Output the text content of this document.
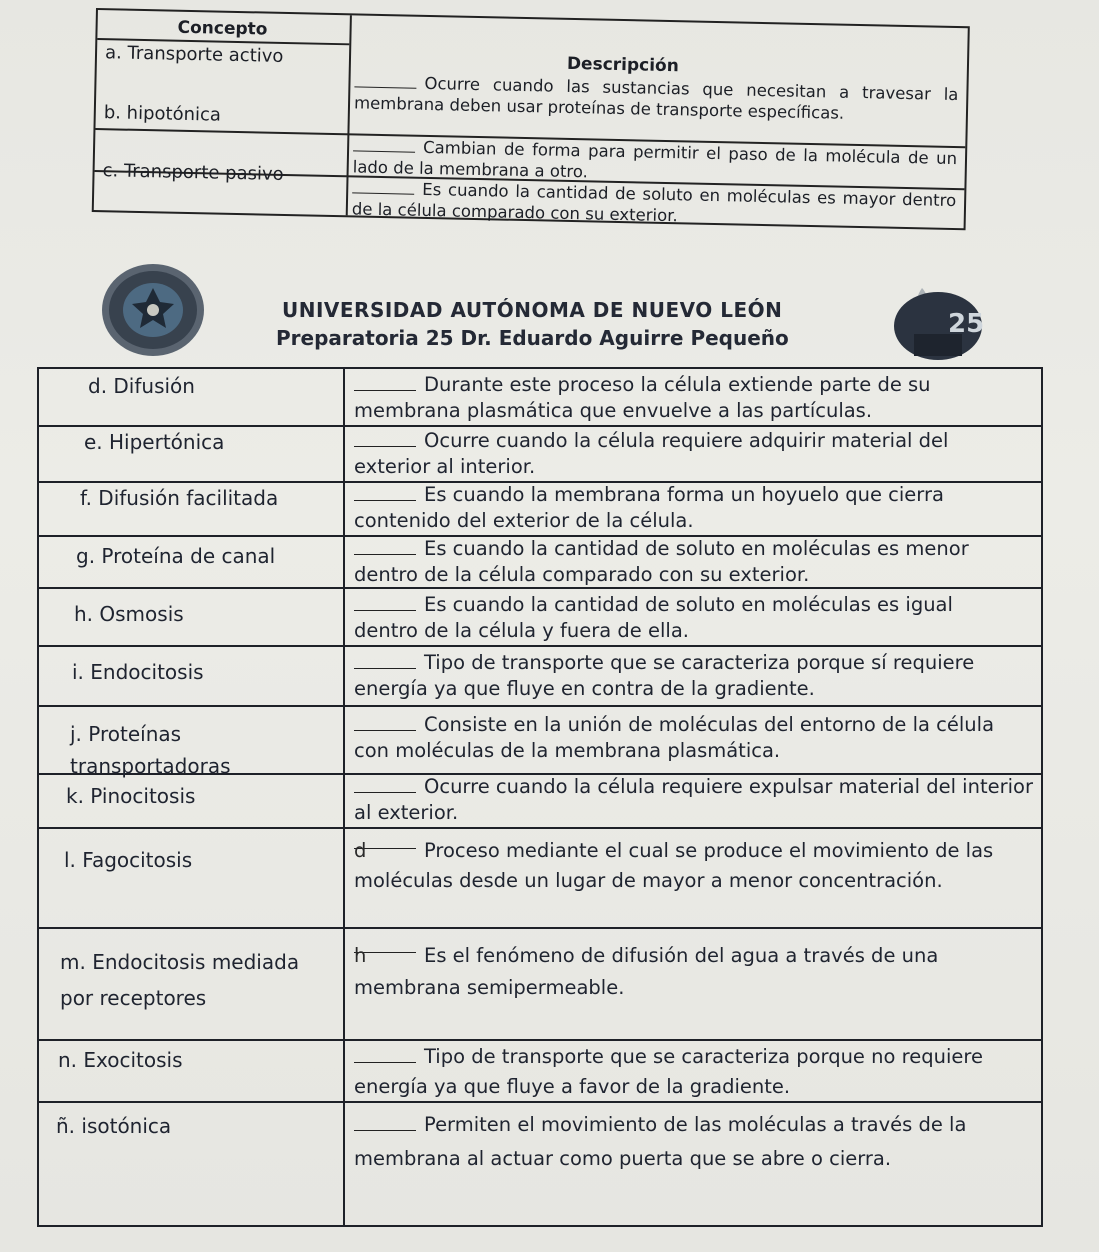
Concepto
Descripción
a. Transporte activo
b. hipotónica
c. Transporte pasivo
Ocurre cuando las sustancias que necesitan a travesar la membrana deben usar proteínas de transporte específicas.
Cambian de forma para permitir el paso de la molécula de un lado de la membrana a otro.
Es cuando la cantidad de soluto en moléculas es mayor dentro de la célula comparado con su exterior.
25
UNIVERSIDAD AUTÓNOMA DE NUEVO LEÓN
Preparatoria 25 Dr. Eduardo Aguirre Pequeño
d. Difusión
e. Hipertónica
f. Difusión facilitada
g. Proteína de canal
h. Osmosis
i. Endocitosis
j. Proteínas transportadoras
k. Pinocitosis
l. Fagocitosis
m. Endocitosis mediada por receptores
n. Exocitosis
ñ. isotónica
Durante este proceso la célula extiende parte de su membrana plasmática que envuelve a las partículas.
Ocurre cuando la célula requiere adquirir material del exterior al interior.
Es cuando la membrana forma un hoyuelo que cierra contenido del exterior de la célula.
Es cuando la cantidad de soluto en moléculas es menor dentro de la célula comparado con su exterior.
Es cuando la cantidad de soluto en moléculas es igual dentro de la célula y fuera de ella.
Tipo de transporte que se caracteriza porque sí requiere energía ya que fluye en contra de la gradiente.
Consiste en la unión de moléculas del entorno de la célula con moléculas de la membrana plasmática.
Ocurre cuando la célula requiere expulsar material del interior al exterior.
d	Proceso mediante el cual se produce el movimiento de las moléculas desde un lugar de mayor a menor concentración.
h	Es el fenómeno de difusión del agua a través de una membrana semipermeable.
Tipo de transporte que se caracteriza porque no requiere energía ya que fluye a favor de la gradiente.
Permiten el movimiento de las moléculas a través de la membrana al actuar como puerta que se abre o cierra.
